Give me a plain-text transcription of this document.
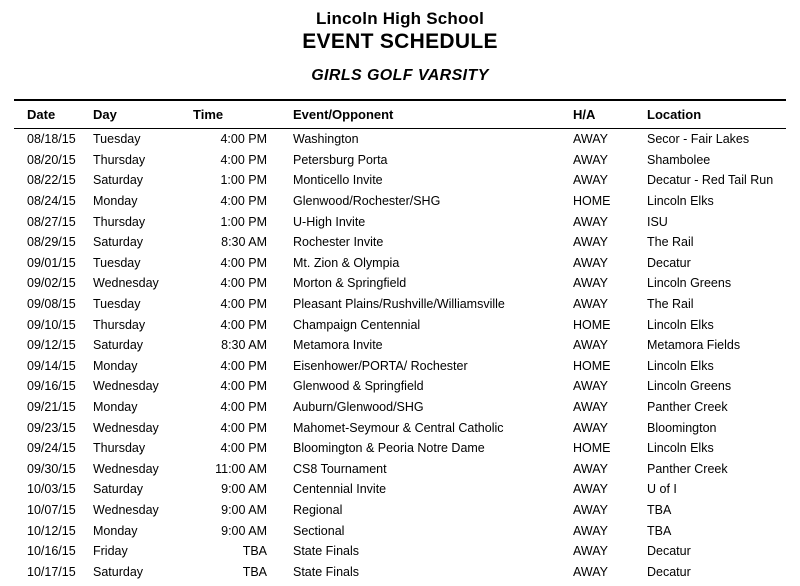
Lincoln High School
EVENT SCHEDULE
GIRLS GOLF VARSITY
Date	Day	Time	Event/Opponent	H/A	Location
08/18/15	Tuesday	4:00 PM	Washington	AWAY	Secor - Fair Lakes
08/20/15	Thursday	4:00 PM	Petersburg Porta	AWAY	Shambolee
08/22/15	Saturday	1:00 PM	Monticello Invite	AWAY	Decatur - Red Tail Run
08/24/15	Monday	4:00 PM	Glenwood/Rochester/SHG	HOME	Lincoln Elks
08/27/15	Thursday	1:00 PM	U-High Invite	AWAY	ISU
08/29/15	Saturday	8:30 AM	Rochester Invite	AWAY	The Rail
09/01/15	Tuesday	4:00 PM	Mt. Zion & Olympia	AWAY	Decatur
09/02/15	Wednesday	4:00 PM	Morton & Springfield	AWAY	Lincoln Greens
09/08/15	Tuesday	4:00 PM	Pleasant Plains/Rushville/Williamsville	AWAY	The Rail
09/10/15	Thursday	4:00 PM	Champaign Centennial	HOME	Lincoln Elks
09/12/15	Saturday	8:30 AM	Metamora Invite	AWAY	Metamora Fields
09/14/15	Monday	4:00 PM	Eisenhower/PORTA/ Rochester	HOME	Lincoln Elks
09/16/15	Wednesday	4:00 PM	Glenwood & Springfield	AWAY	Lincoln Greens
09/21/15	Monday	4:00 PM	Auburn/Glenwood/SHG	AWAY	Panther Creek
09/23/15	Wednesday	4:00 PM	Mahomet-Seymour & Central Catholic	AWAY	Bloomington
09/24/15	Thursday	4:00 PM	Bloomington & Peoria Notre Dame	HOME	Lincoln Elks
09/30/15	Wednesday	11:00 AM	CS8 Tournament	AWAY	Panther Creek
10/03/15	Saturday	9:00 AM	Centennial Invite	AWAY	U of I
10/07/15	Wednesday	9:00 AM	Regional	AWAY	TBA
10/12/15	Monday	9:00 AM	Sectional	AWAY	TBA
10/16/15	Friday	TBA	State Finals	AWAY	Decatur
10/17/15	Saturday	TBA	State Finals	AWAY	Decatur
